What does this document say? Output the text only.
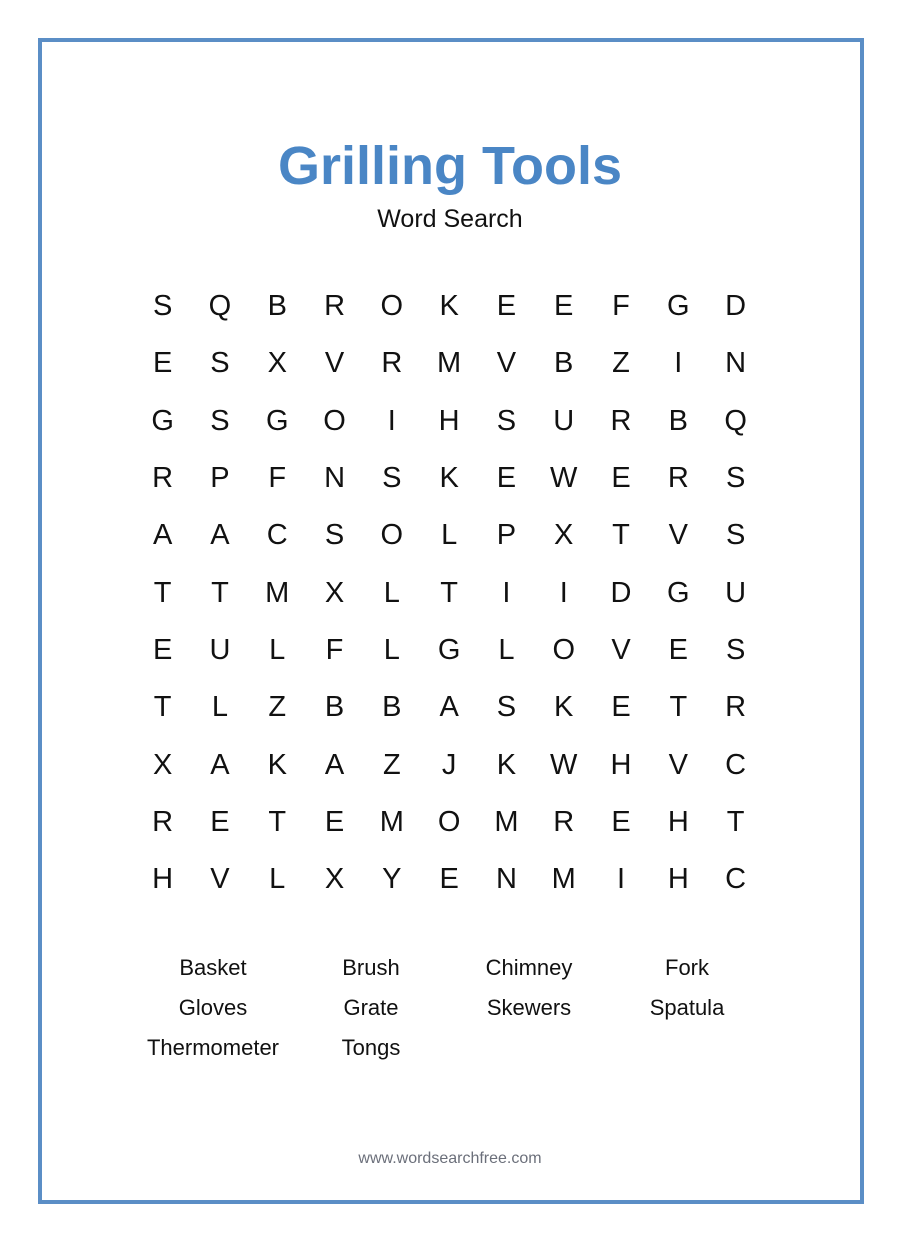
Grilling Tools
Word Search
S	Q	B	R	O	K	E	E	F	G	D
E	S	X	V	R	M	V	B	Z	I	N
G	S	G	O	I	H	S	U	R	B	Q
R	P	F	N	S	K	E	W	E	R	S
A	A	C	S	O	L	P	X	T	V	S
T	T	M	X	L	T	I	I	D	G	U
E	U	L	F	L	G	L	O	V	E	S
T	L	Z	B	B	A	S	K	E	T	R
X	A	K	A	Z	J	K	W	H	V	C
R	E	T	E	M	O	M	R	E	H	T
H	V	L	X	Y	E	N	M	I	H	C
Basket	Brush	Chimney	Fork
Gloves	Grate	Skewers	Spatula
Thermometer	Tongs
www.wordsearchfree.com
